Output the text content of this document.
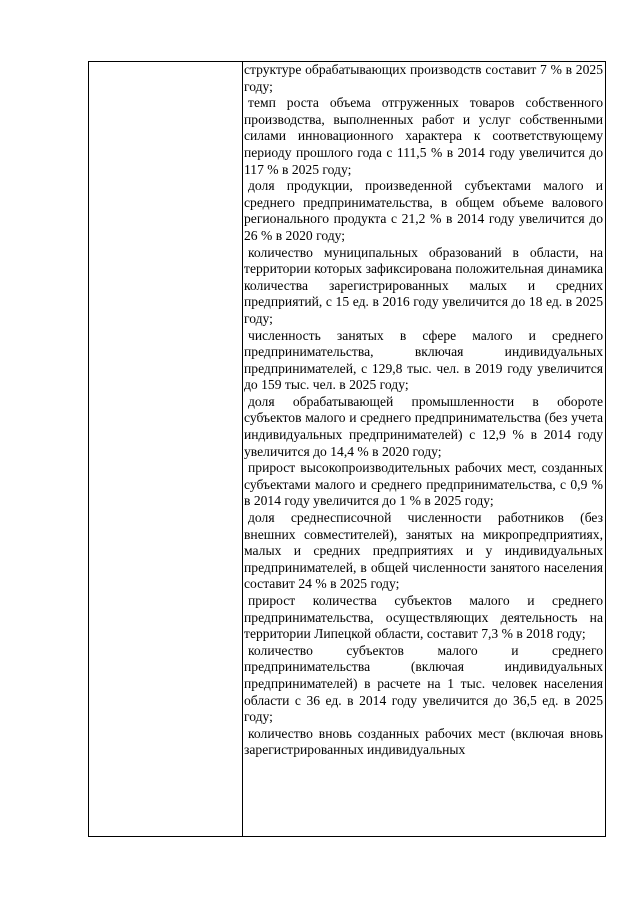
структуре обрабатывающих производств составит 7 % в 2025 году;

темп роста объема отгруженных товаров собственного производства, выполненных работ и услуг собственными силами инновационного характера к соответствующему периоду прошлого года с 111,5 % в 2014 году увеличится до 117 % в 2025 году;

доля продукции, произведенной субъектами малого и среднего предпринимательства, в общем объеме валового регионального продукта с 21,2 % в 2014 году увеличится до 26 % в 2020 году;

количество муниципальных образований в области, на территории которых зафиксирована положительная динамика количества зарегистрированных малых и средних предприятий, с 15 ед. в 2016 году увеличится до 18 ед. в 2025 году;

численность занятых в сфере малого и среднего предпринимательства, включая индивидуальных предпринимателей, с 129,8 тыс. чел. в 2019 году увеличится до 159 тыс. чел. в 2025 году;

доля обрабатывающей промышленности в обороте субъектов малого и среднего предпринимательства (без учета индивидуальных предпринимателей) с 12,9 % в 2014 году увеличится до 14,4 % в 2020 году;

прирост высокопроизводительных рабочих мест, созданных субъектами малого и среднего предпринимательства, с 0,9 % в 2014 году увеличится до 1 % в 2025 году;

доля среднесписочной численности работников (без внешних совместителей), занятых на микропредприятиях, малых и средних предприятиях и у индивидуальных предпринимателей, в общей численности занятого населения составит 24 % в 2025 году;

прирост количества субъектов малого и среднего предпринимательства, осуществляющих деятельность на территории Липецкой области, составит 7,3 % в 2018 году;

количество субъектов малого и среднего предпринимательства (включая индивидуальных предпринимателей) в расчете на 1 тыс. человек населения области с 36 ед. в 2014 году увеличится до 36,5 ед. в 2025 году;

количество вновь созданных рабочих мест (включая вновь зарегистрированных индивидуальных
